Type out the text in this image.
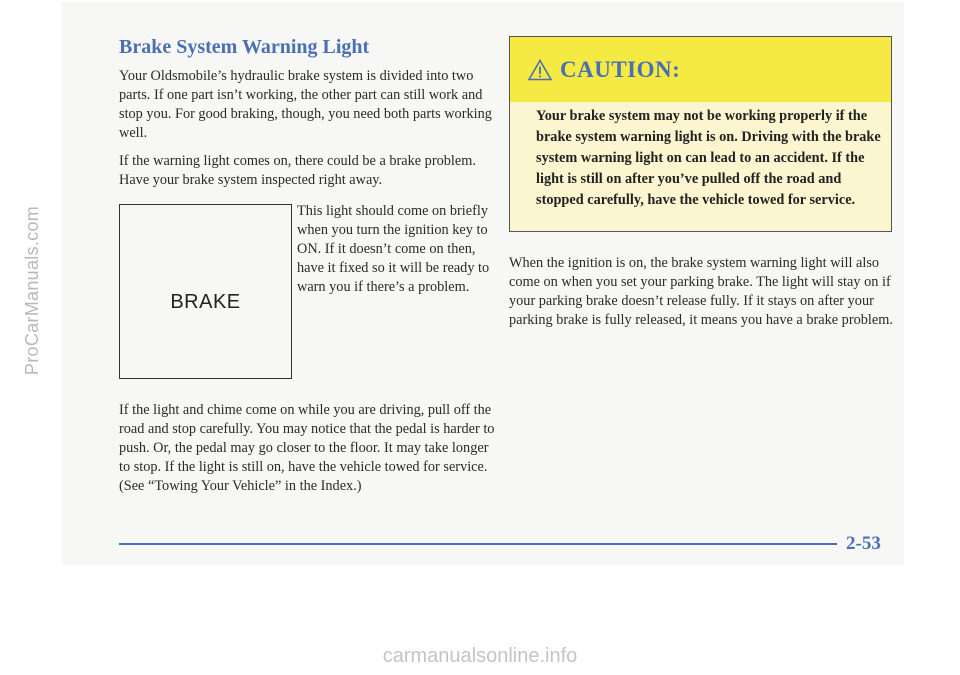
ProCarManuals.com
Brake System Warning Light

Your Oldsmobile’s hydraulic brake system is divided into two parts. If one part isn’t working, the other part can still work and stop you. For good braking, though, you need both parts working well.

If the warning light comes on, there could be a brake problem. Have your brake system inspected right away.

BRAKE

This light should come on briefly when you turn the ignition key to ON. If it doesn’t come on then, have it fixed so it will be ready to warn you if there’s a problem.

If the light and chime come on while you are driving, pull off the road and stop carefully. You may notice that the pedal is harder to push. Or, the pedal may go closer to the floor. It may take longer to stop. If the light is still on, have the vehicle towed for service. (See “Towing Your Vehicle” in the Index.)

CAUTION:
Your brake system may not be working properly if the brake system warning light is on. Driving with the brake system warning light on can lead to an accident. If the light is still on after you’ve pulled off the road and stopped carefully, have the vehicle towed for service.

When the ignition is on, the brake system warning light will also come on when you set your parking brake. The light will stay on if your parking brake doesn’t release fully. If it stays on after your parking brake is fully released, it means you have a brake problem.

2-53
carmanualsonline.info
